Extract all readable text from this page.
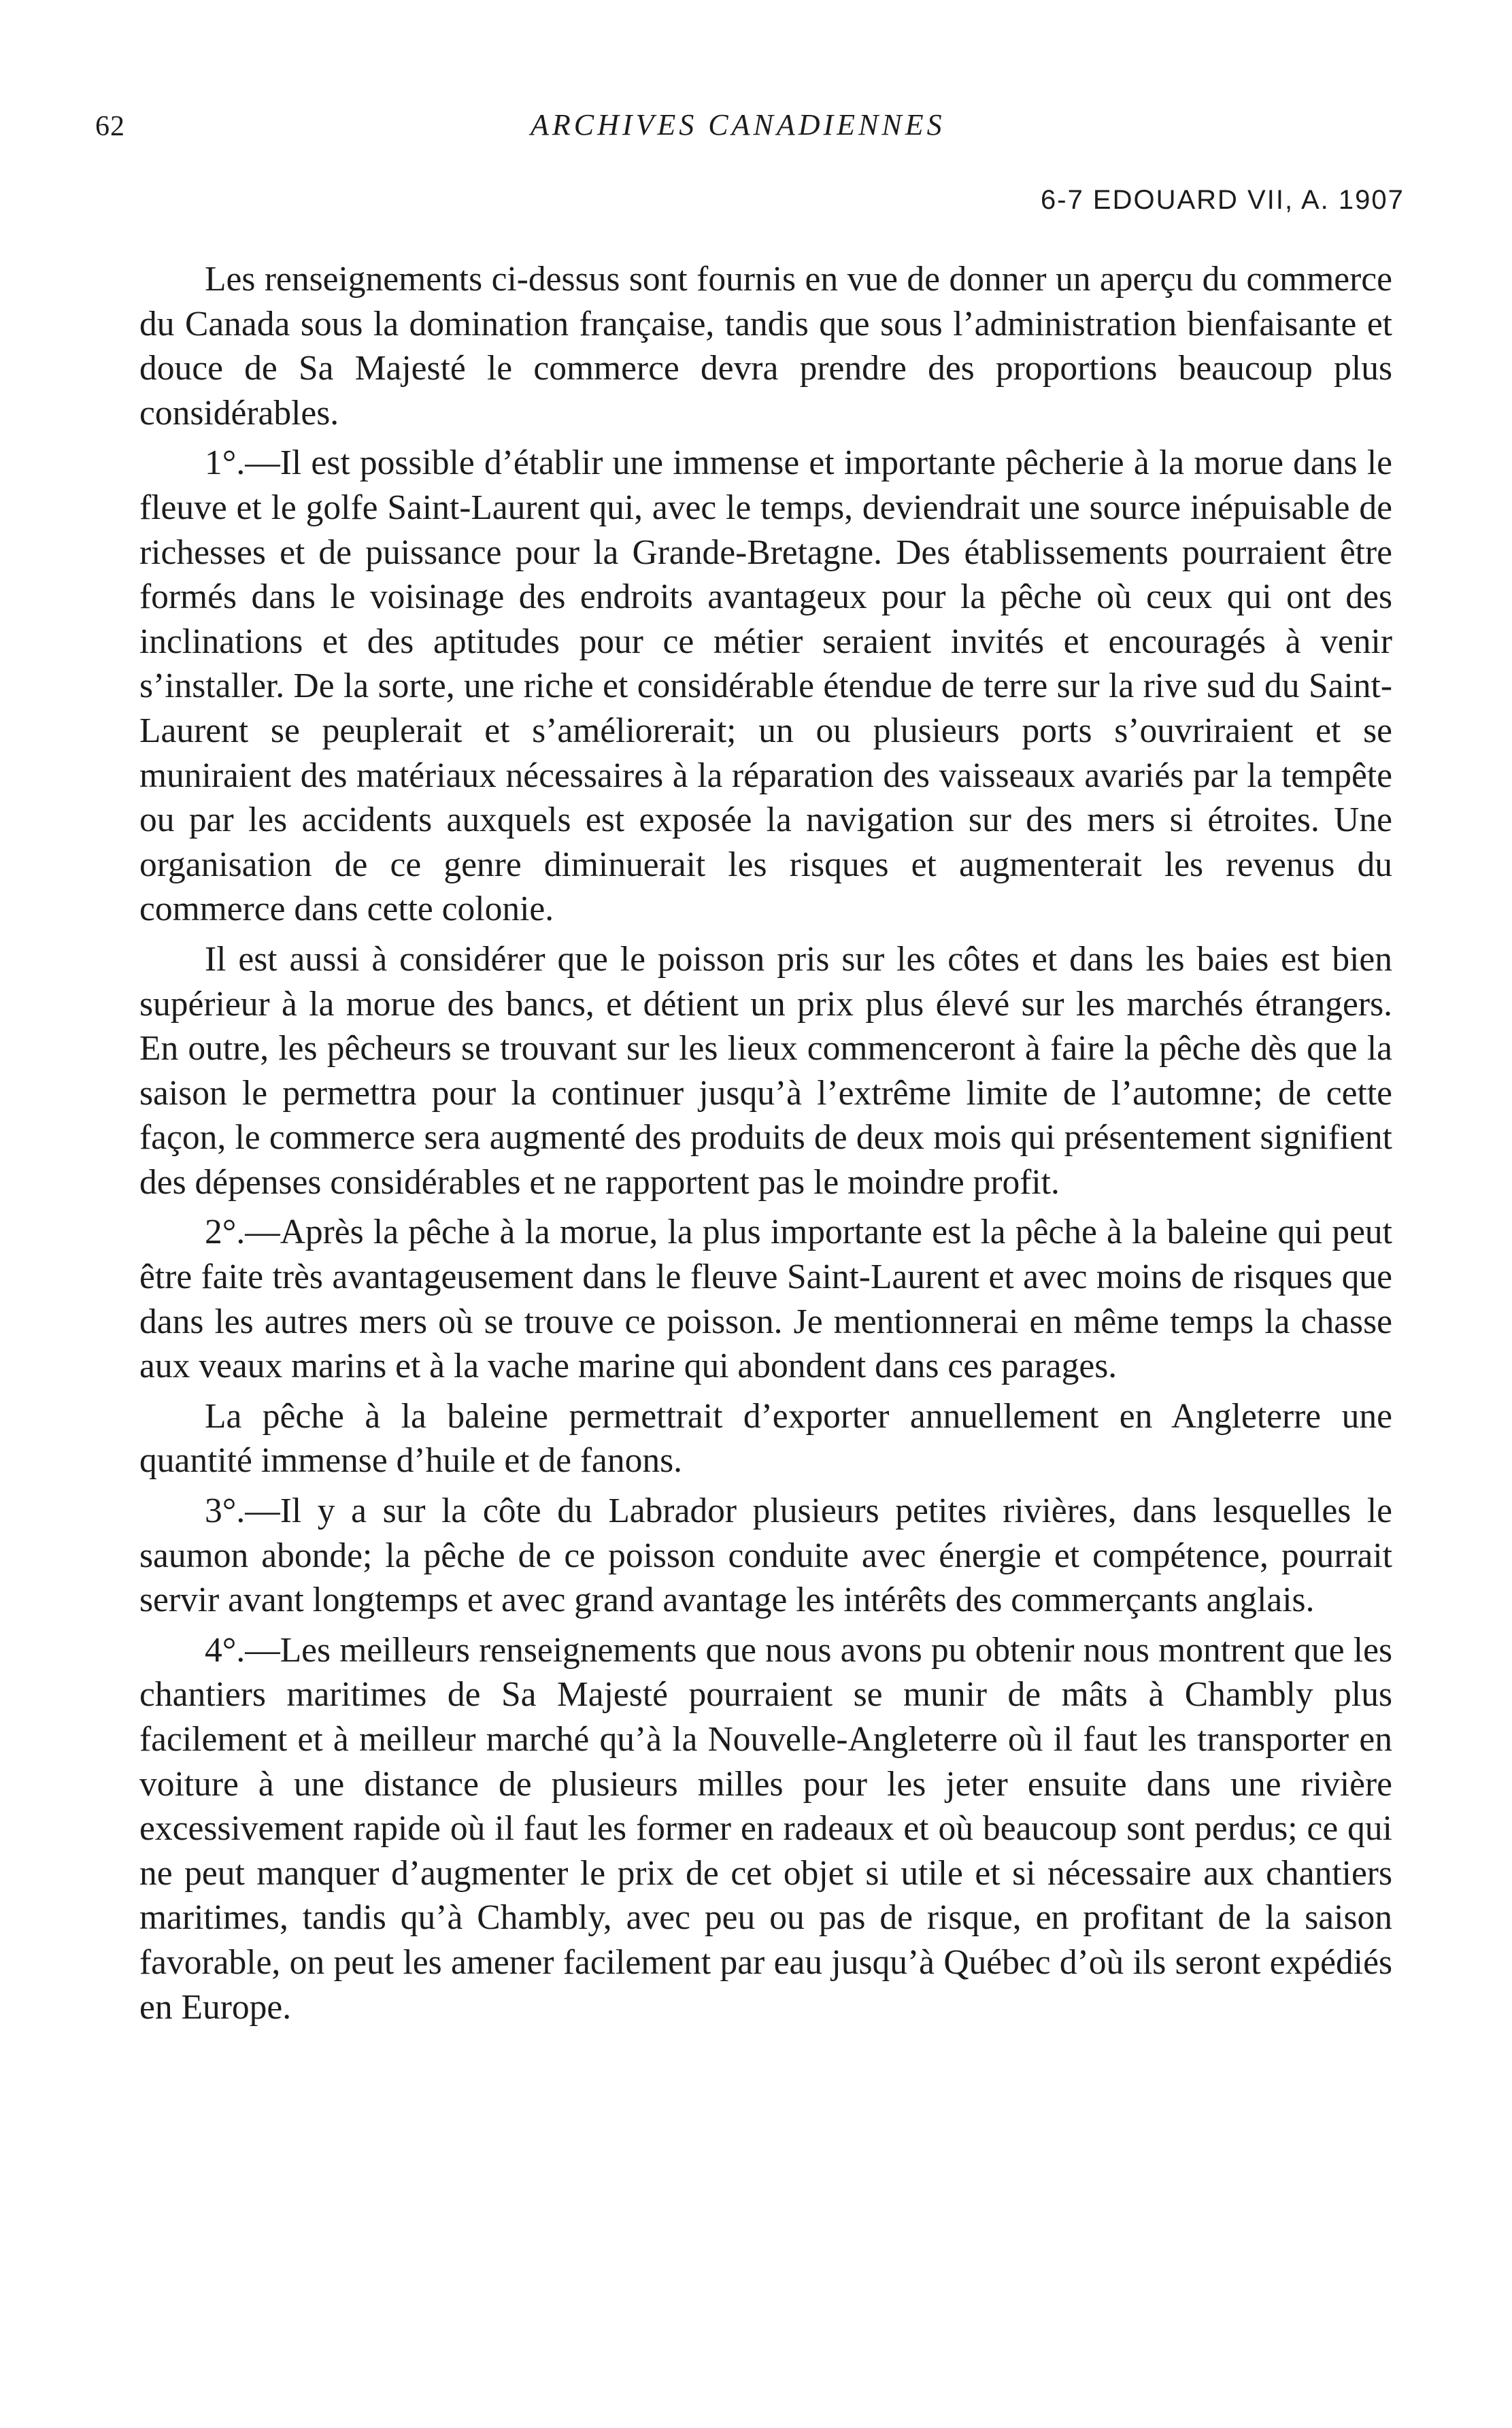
62	ARCHIVES CANADIENNES
6-7 EDOUARD VII, A. 1907

Les renseignements ci-dessus sont fournis en vue de donner un aperçu du commerce du Canada sous la domination française, tandis que sous l’administration bienfaisante et douce de Sa Majesté le commerce devra prendre des proportions beaucoup plus considérables.

1°.—Il est possible d’établir une immense et importante pêcherie à la morue dans le fleuve et le golfe Saint-Laurent qui, avec le temps, deviendrait une source inépuisable de richesses et de puissance pour la Grande-Bretagne. Des établissements pourraient être formés dans le voisinage des endroits avantageux pour la pêche où ceux qui ont des inclinations et des aptitudes pour ce métier seraient invités et encouragés à venir s’installer. De la sorte, une riche et considérable étendue de terre sur la rive sud du Saint-Laurent se peuplerait et s’améliorerait; un ou plusieurs ports s’ouvriraient et se muniraient des matériaux nécessaires à la réparation des vaisseaux avariés par la tempête ou par les accidents auxquels est exposée la navigation sur des mers si étroites. Une organisation de ce genre diminuerait les risques et augmenterait les revenus du commerce dans cette colonie.

Il est aussi à considérer que le poisson pris sur les côtes et dans les baies est bien supérieur à la morue des bancs, et détient un prix plus élevé sur les marchés étrangers. En outre, les pêcheurs se trouvant sur les lieux commenceront à faire la pêche dès que la saison le permettra pour la continuer jusqu’à l’extrême limite de l’automne; de cette façon, le commerce sera augmenté des produits de deux mois qui présentement signifient des dépenses considérables et ne rapportent pas le moindre profit.

2°.—Après la pêche à la morue, la plus importante est la pêche à la baleine qui peut être faite très avantageusement dans le fleuve Saint-Laurent et avec moins de risques que dans les autres mers où se trouve ce poisson. Je mentionnerai en même temps la chasse aux veaux marins et à la vache marine qui abondent dans ces parages.

La pêche à la baleine permettrait d’exporter annuellement en Angleterre une quantité immense d’huile et de fanons.

3°.—Il y a sur la côte du Labrador plusieurs petites rivières, dans lesquelles le saumon abonde; la pêche de ce poisson conduite avec énergie et compétence, pourrait servir avant longtemps et avec grand avantage les intérêts des commerçants anglais.

4°.—Les meilleurs renseignements que nous avons pu obtenir nous montrent que les chantiers maritimes de Sa Majesté pourraient se munir de mâts à Chambly plus facilement et à meilleur marché qu’à la Nouvelle-Angleterre où il faut les transporter en voiture à une distance de plusieurs milles pour les jeter ensuite dans une rivière excessivement rapide où il faut les former en radeaux et où beaucoup sont perdus; ce qui ne peut manquer d’augmenter le prix de cet objet si utile et si nécessaire aux chantiers maritimes, tandis qu’à Chambly, avec peu ou pas de risque, en profitant de la saison favorable, on peut les amener facilement par eau jusqu’à Québec d’où ils seront expédiés en Europe.
